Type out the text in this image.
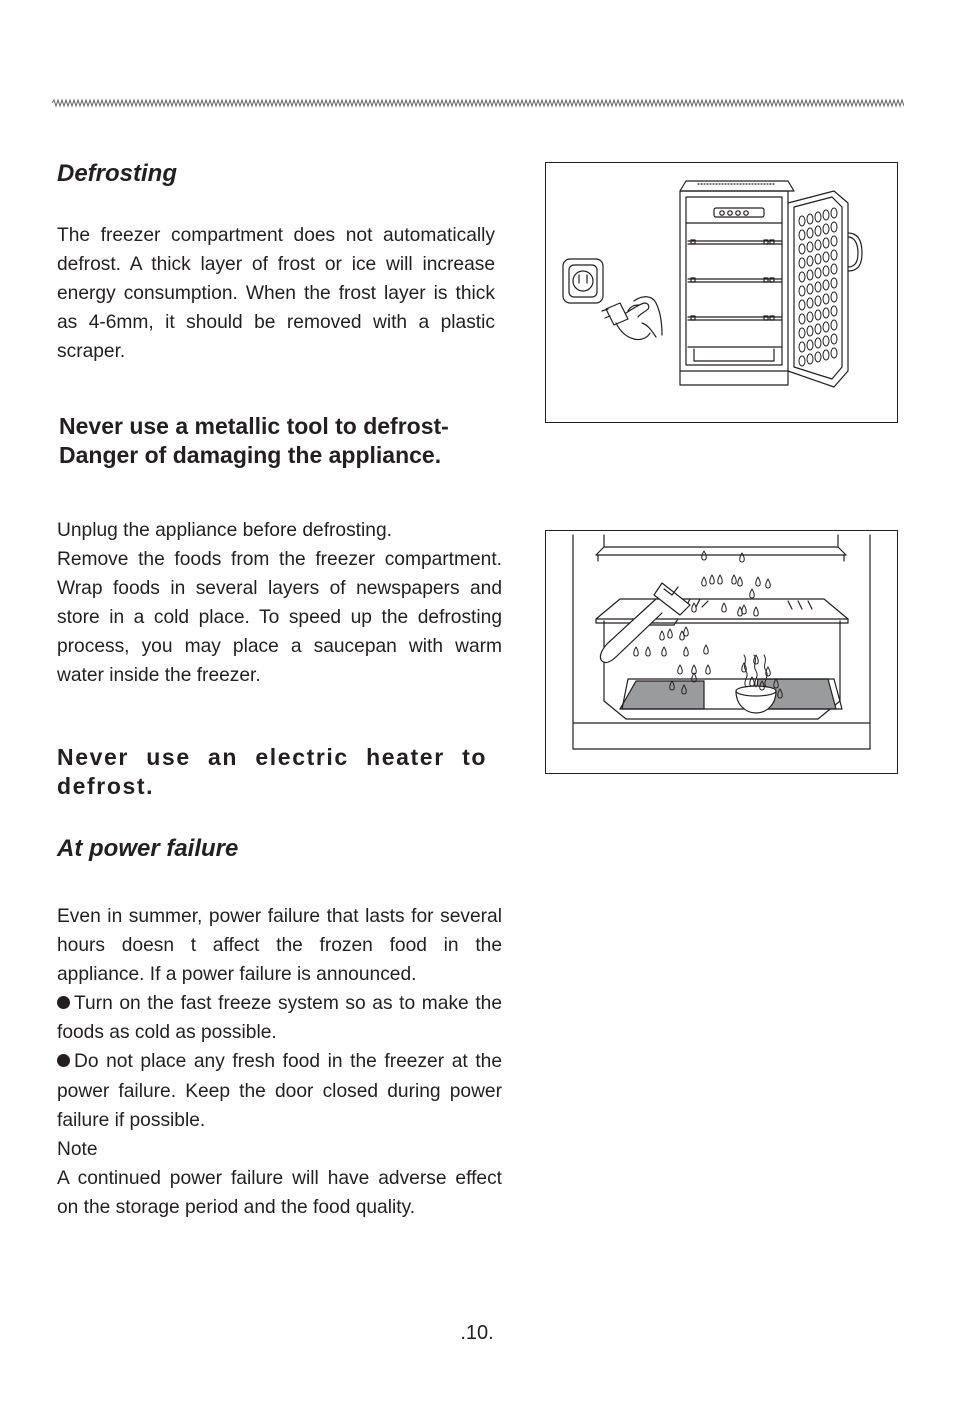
Defrosting
The freezer compartment does not automatically defrost. A thick layer of frost or ice will increase energy consumption. When the frost layer is thick as 4-6mm, it should be removed with a plastic scraper.
Never use a metallic tool to defrost-
Danger of damaging the appliance.

Unplug the appliance before defrosting.

Remove the foods from the freezer compartment. Wrap foods in several layers of newspapers and store in a cold place. To speed up the defrosting process, you may place a saucepan with warm water inside the freezer.

Never use an electric heater to defrost.
At power failure

Even in summer, power failure that lasts for several hours doesn t affect the frozen food in the appliance. If a power failure is announced.

Turn on the fast freeze system so as to make the foods as cold as possible.

Do not place any fresh food in the freezer at the power failure. Keep the door closed during power failure if possible.

Note

A continued power failure will have adverse effect on the storage period and the food quality.

.10.
